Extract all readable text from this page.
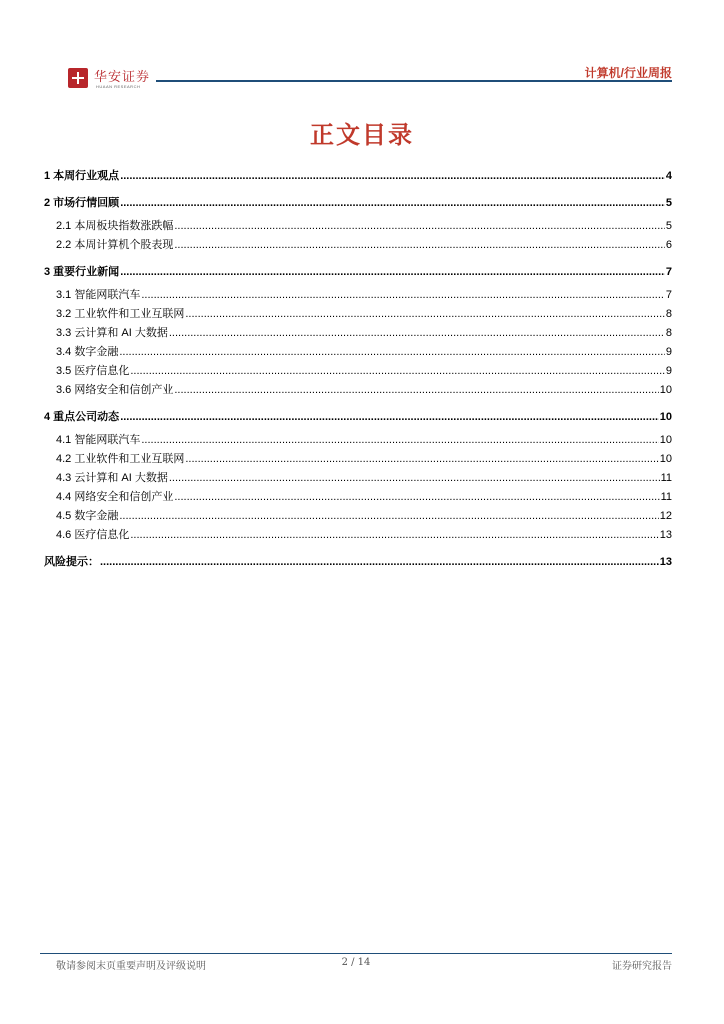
华安证券
HUAAN RESEARCH
计算机/行业周报
正文目录
1 本周行业观点 .....	4
2 市场行情回顾 .....	5
2.1 本周板块指数涨跌幅 .....	5
2.2 本周计算机个股表现 .....	6
3 重要行业新闻 .....	7
3.1 智能网联汽车 .....	7
3.2 工业软件和工业互联网 .....	8
3.3 云计算和 AI 大数据 .....	8
3.4 数字金融 .....	9
3.5 医疗信息化 .....	9
3.6 网络安全和信创产业 .....	10
4 重点公司动态 .....	10
4.1 智能网联汽车 .....	10
4.2 工业软件和工业互联网 .....	10
4.3 云计算和 AI 大数据 .....	11
4.4 网络安全和信创产业 .....	11
4.5 数字金融 .....	12
4.6 医疗信息化 .....	13
风险提示： .....	13
敬请参阅末页重要声明及评级说明	2 / 14	证券研究报告
